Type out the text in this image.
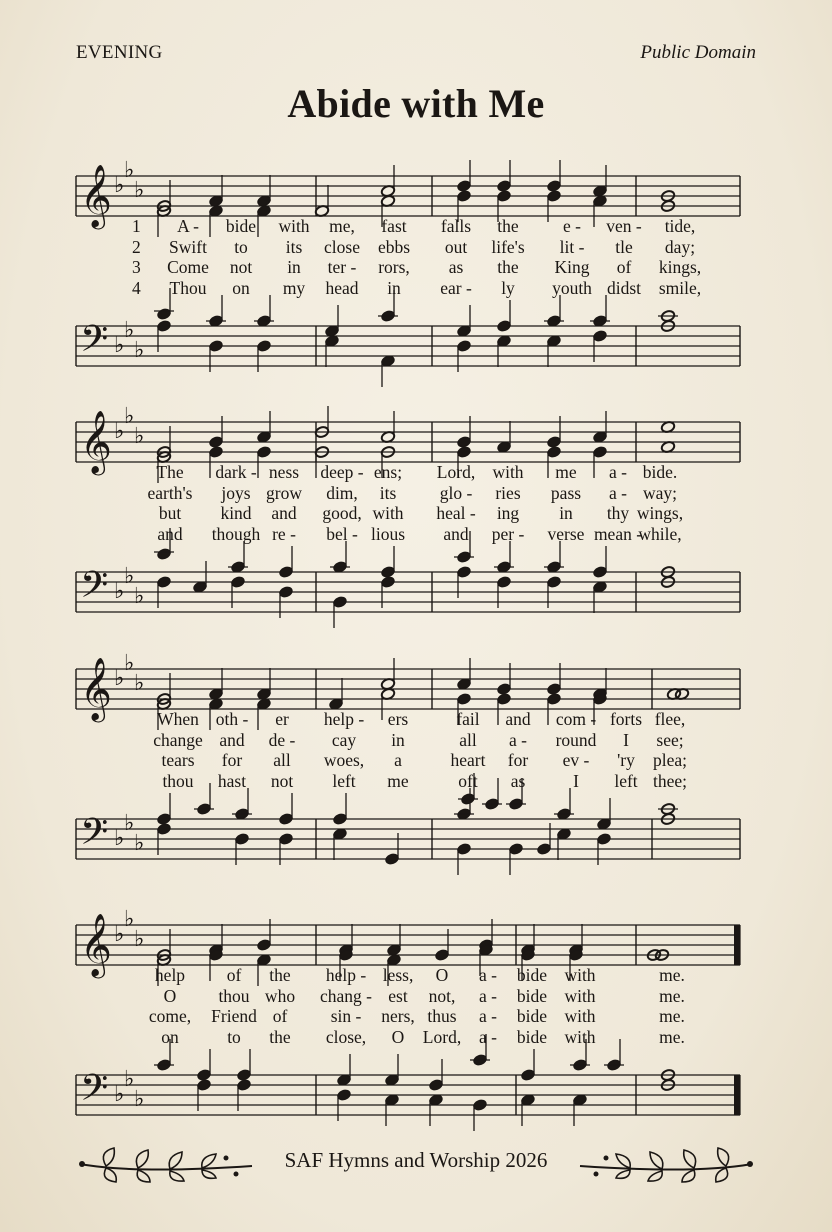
EVENING	Public Domain
Abide with Me
𝄞 ♭
♭
♭
1 A - bide with me, fast falls the	e - ven - tide,
2 Swift to its close ebbs out life's lit - tle day;
3 Come not in ter - rors, as the King of kings,
4 Thou on my head in ear - ly youth didst smile,
𝄢 ♭
♭
♭
𝄞 ♭
♭
♭
The dark - ness deep - ens; Lord, with me a - bide.
earth's joys grow dim, its glo - ries pass a - way;
but kind and good, with heal - ing in thy wings,
and though re - bel - lious and per - verse mean -
while,
𝄢 ♭
♭
♭
𝄞 ♭
♭
♭
When oth - er help - ers	fail and com - forts flee,
change and de - cay in	all a - round I see;
tears for all woes, a	heart for ev - 'ry plea;
thou hast not left me	oft as	I left thee;
𝄢 ♭
♭
♭
𝄞 ♭
♭
♭
help of the help - less, O a - bide with	me.
O thou who chang - est not, a - bide with	me.
come, Friend of sin - ners, thus a - bide with	me.
on	to the close, O Lord, a - bide with	me.
𝄢 ♭
♭
♭
SAF Hymns and Worship 2026
